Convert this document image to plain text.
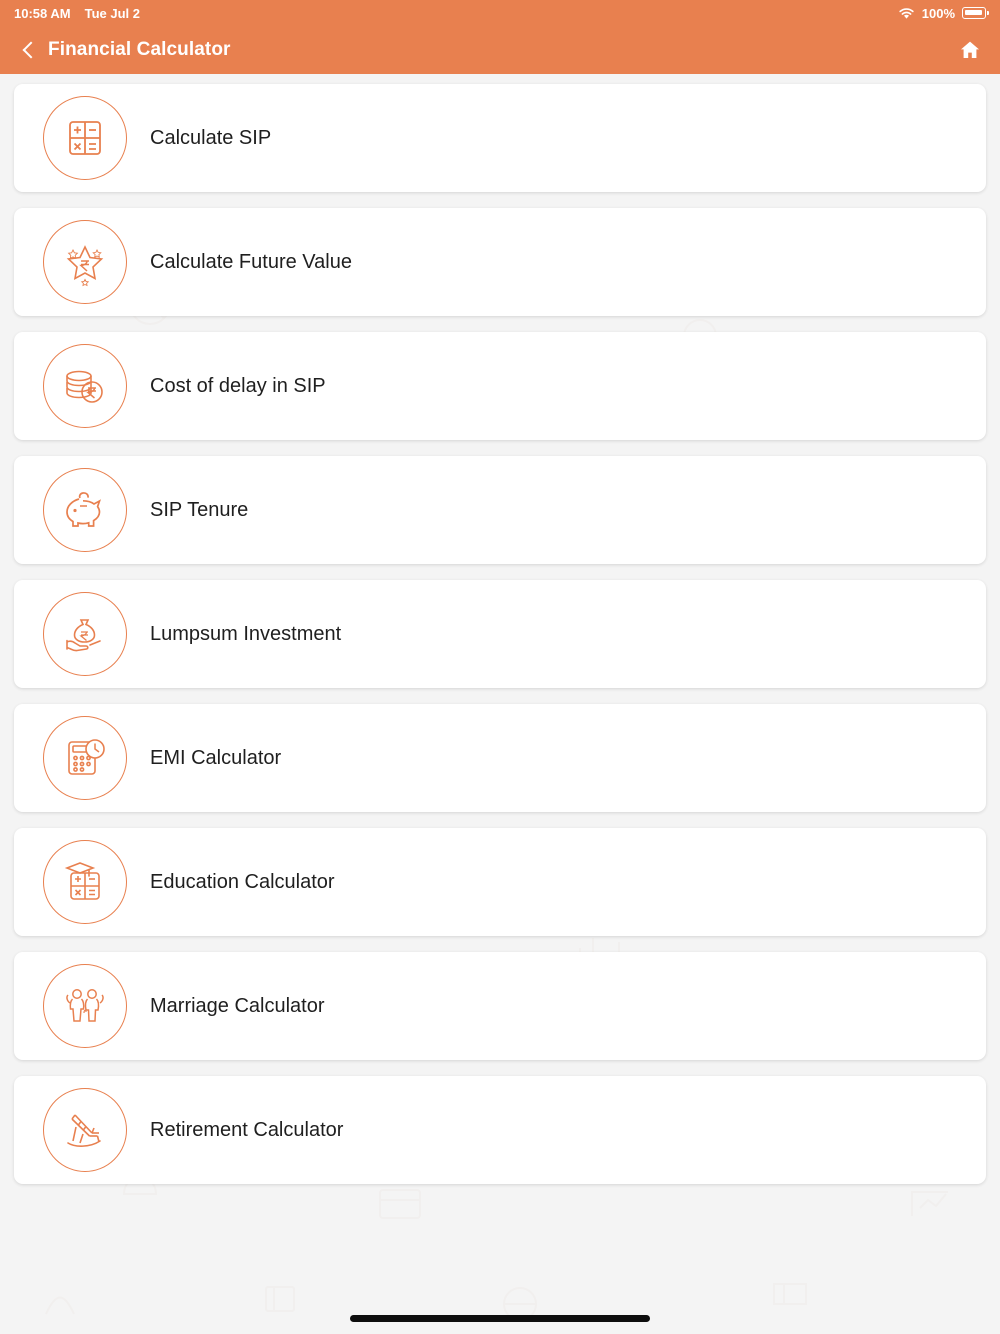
10:58 AM Tue Jul 2	100%
Financial Calculator
Calculate SIP
Calculate Future Value
Cost of delay in SIP
SIP Tenure
Lumpsum Investment
EMI Calculator
Education Calculator
Marriage Calculator
Retirement Calculator
